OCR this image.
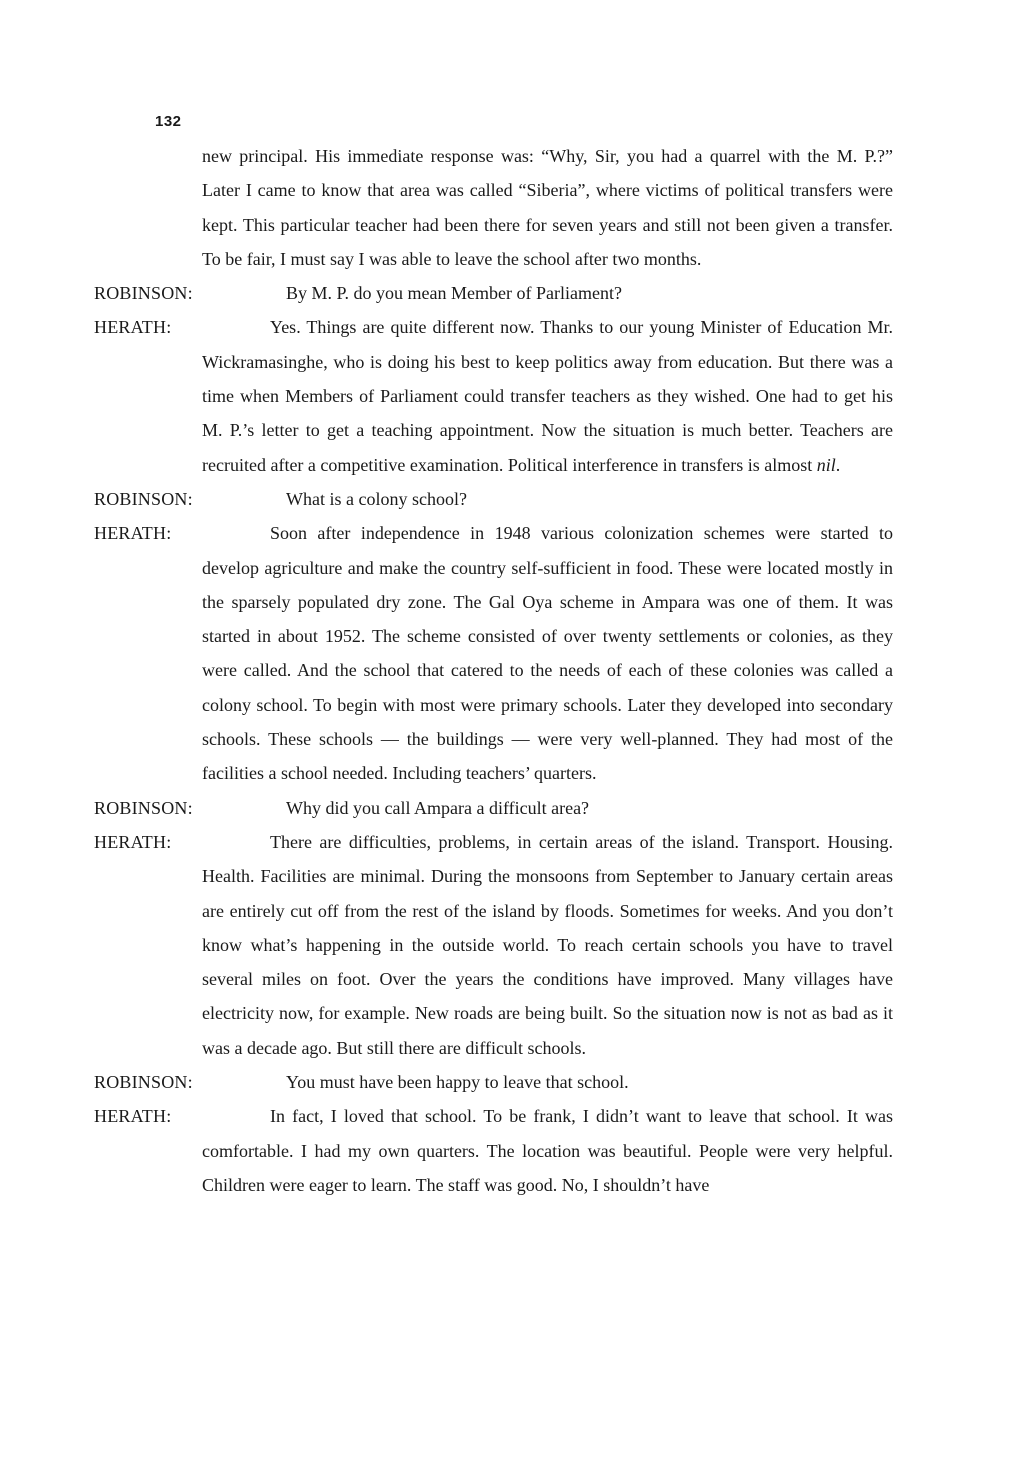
132

new principal. His immediate response was: “Why, Sir, you had a quarrel with the M. P.?” Later I came to know that area was called “Siberia”, where victims of political transfers were kept. This particular teacher had been there for seven years and still not been given a transfer. To be fair, I must say I was able to leave the school after two months.

ROBINSON:	By M. P. do you mean Member of Parliament?

HERATH:	Yes. Things are quite different now. Thanks to our young Minister of Education Mr. Wickramasinghe, who is doing his best to keep politics away from education. But there was a time when Members of Parliament could transfer teachers as they wished. One had to get his M. P.’s letter to get a teaching appointment. Now the situation is much better. Teachers are recruited after a competitive examination. Political interference in transfers is almost nil.

ROBINSON:	What is a colony school?

HERATH:	Soon after independence in 1948 various colonization schemes were started to develop agriculture and make the country self‐sufficient in food. These were located mostly in the sparsely populated dry zone. The Gal Oya scheme in Ampara was one of them. It was started in about 1952. The scheme consisted of over twenty settlements or colonies, as they were called. And the school that catered to the needs of each of these colonies was called a colony school. To begin with most were primary schools. Later they developed into secondary schools. These schools — the buildings — were very well‐planned. They had most of the facilities a school needed. Including teachers’ quarters.

ROBINSON:	Why did you call Ampara a difficult area?

HERATH:	There are difficulties, problems, in certain areas of the island. Transport. Housing. Health. Facilities are minimal. During the monsoons from September to January certain areas are entirely cut off from the rest of the island by floods. Sometimes for weeks. And you don’t know what’s happening in the outside world. To reach certain schools you have to travel several miles on foot. Over the years the conditions have improved. Many villages have electricity now, for example. New roads are being built. So the situation now is not as bad as it was a decade ago. But still there are difficult schools.

ROBINSON:	You must have been happy to leave that school.

HERATH:	In fact, I loved that school. To be frank, I didn’t want to leave that school. It was comfortable. I had my own quarters. The location was beautiful. People were very helpful. Children were eager to learn. The staff was good. No, I shouldn’t have
